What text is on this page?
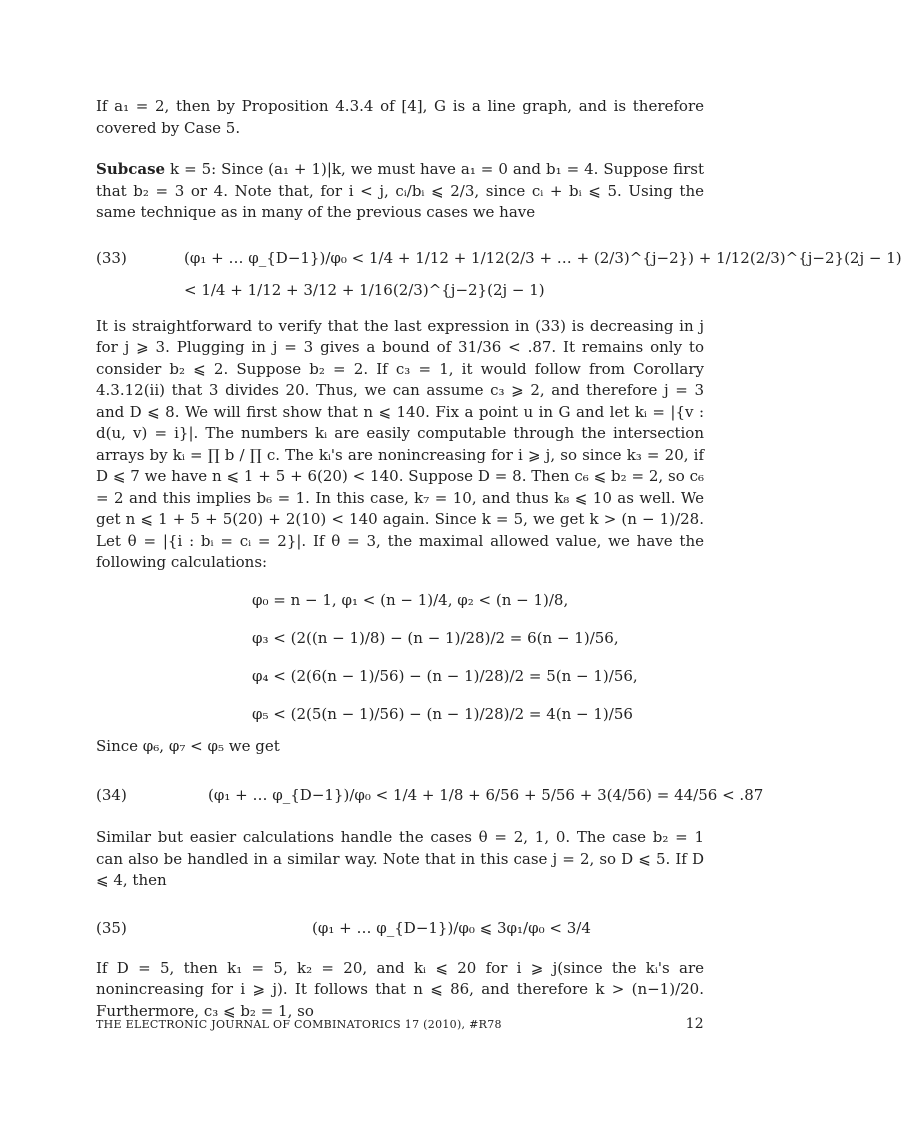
If a₁ = 2, then by Proposition 4.3.4 of [4], G is a line graph, and is therefore covered by Case 5.

Subcase k = 5: Since (a₁ + 1)|k, we must have a₁ = 0 and b₁ = 4. Suppose first that b₂ = 3 or 4. Note that, for i < j, cᵢ/bᵢ ⩽ 2/3, since cᵢ + bᵢ ⩽ 5. Using the same technique as in many of the previous cases we have

(33)	(φ₁ + … φ_{D−1})/φ₀ < 1/4 + 1/12 + 1/12(2/3 + … + (2/3)^{j−2}) + 1/12(2/3)^{j−2}(2j − 1)
< 1/4 + 1/12 + 3/12 + 1/16(2/3)^{j−2}(2j − 1)

It is straightforward to verify that the last expression in (33) is decreasing in j for j ⩾ 3. Plugging in j = 3 gives a bound of 31/36 < .87. It remains only to consider b₂ ⩽ 2. Suppose b₂ = 2. If c₃ = 1, it would follow from Corollary 4.3.12(ii) that 3 divides 20. Thus, we can assume c₃ ⩾ 2, and therefore j = 3 and D ⩽ 8. We will first show that n ⩽ 140. Fix a point u in G and let kᵢ = |{v : d(u, v) = i}|. The numbers kᵢ are easily computable through the intersection arrays by kᵢ = ∏ b / ∏ c. The kᵢ's are nonincreasing for i ⩾ j, so since k₃ = 20, if D ⩽ 7 we have n ⩽ 1 + 5 + 6(20) < 140. Suppose D = 8. Then c₆ ⩽ b₂ = 2, so c₆ = 2 and this implies b₆ = 1. In this case, k₇ = 10, and thus k₈ ⩽ 10 as well. We get n ⩽ 1 + 5 + 5(20) + 2(10) < 140 again. Since k = 5, we get k > (n − 1)/28. Let θ = |{i : bᵢ = cᵢ = 2}|. If θ = 3, the maximal allowed value, we have the following calculations:

φ₀ = n − 1, φ₁ < (n − 1)/4, φ₂ < (n − 1)/8,
φ₃ < (2((n − 1)/8) − (n − 1)/28)/2 = 6(n − 1)/56,
φ₄ < (2(6(n − 1)/56) − (n − 1)/28)/2 = 5(n − 1)/56,
φ₅ < (2(5(n − 1)/56) − (n − 1)/28)/2 = 4(n − 1)/56

Since φ₆, φ₇ < φ₅ we get

(34)	(φ₁ + … φ_{D−1})/φ₀ < 1/4 + 1/8 + 6/56 + 5/56 + 3(4/56) = 44/56 < .87

Similar but easier calculations handle the cases θ = 2, 1, 0. The case b₂ = 1 can also be handled in a similar way. Note that in this case j = 2, so D ⩽ 5. If D ⩽ 4, then

(35)	(φ₁ + … φ_{D−1})/φ₀ ⩽ 3φ₁/φ₀ < 3/4

If D = 5, then k₁ = 5, k₂ = 20, and kᵢ ⩽ 20 for i ⩾ j(since the kᵢ's are nonincreasing for i ⩾ j). It follows that n ⩽ 86, and therefore k > (n−1)/20. Furthermore, c₃ ⩽ b₂ = 1, so

THE ELECTRONIC JOURNAL OF COMBINATORICS 17 (2010), #R78	12
